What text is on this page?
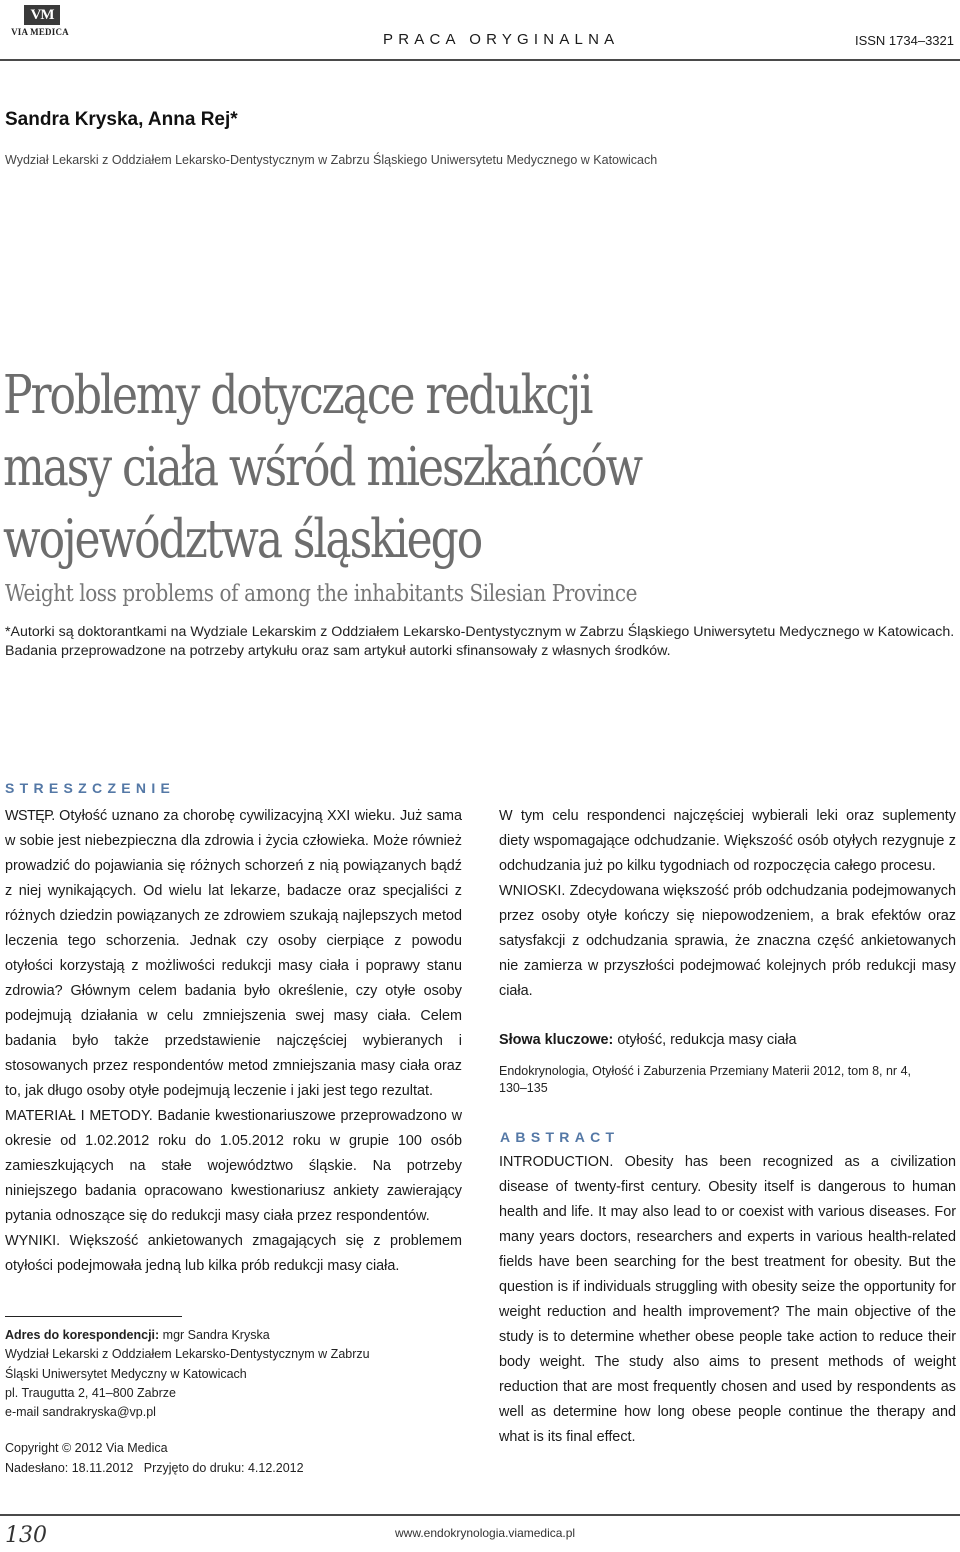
VM
VIA MEDICA	PRACA ORYGINALNA	ISSN 1734–3321
Sandra Kryska, Anna Rej*
Wydział Lekarski z Oddziałem Lekarsko-Dentystycznym w Zabrzu Śląskiego Uniwersytetu Medycznego w Katowicach
Problemy dotyczące redukcji
masy ciała wśród mieszkańców
województwa śląskiego
Weight loss problems of among the inhabitants Silesian Province
*Autorki są doktorantkami na Wydziale Lekarskim z Oddziałem Lekarsko-Dentystycznym w Zabrzu Śląskiego Uniwersytetu Medycznego w Katowicach. Badania przeprowadzone na potrzeby artykułu oraz sam artykuł autorki sfinansowały z własnych środków.
STRESZCZENIE

WSTĘP. Otyłość uznano za chorobę cywilizacyjną XXI wieku. Już sama w sobie jest niebezpieczna dla zdrowia i życia człowieka. Może również prowadzić do pojawiania się różnych schorzeń z nią powiązanych bądź z niej wynikających. Od wielu lat lekarze, badacze oraz specjaliści z różnych dziedzin powiązanych ze zdrowiem szukają najlepszych metod leczenia tego schorzenia. Jednak czy osoby cierpiące z powodu otyłości korzystają z możliwości redukcji masy ciała i poprawy stanu zdrowia? Głównym celem badania było określenie, czy otyłe osoby podejmują działania w celu zmniejszenia swej masy ciała. Celem badania było także przedstawienie najczęściej wybieranych i stosowanych przez respondentów metod zmniejszania masy ciała oraz to, jak długo osoby otyłe podejmują leczenie i jaki jest tego rezultat.

MATERIAŁ I METODY. Badanie kwestionariuszowe przeprowadzono w okresie od 1.02.2012 roku do 1.05.2012 roku w grupie 100 osób zamieszkujących na stałe województwo śląskie. Na potrzeby niniejszego badania opracowano kwestionariusz ankiety zawierający pytania odnoszące się do redukcji masy ciała przez respondentów.

WYNIKI. Większość ankietowanych zmagających się z problemem otyłości podejmowała jedną lub kilka prób redukcji masy ciała.

W tym celu respondenci najczęściej wybierali leki oraz suplementy diety wspomagające odchudzanie. Większość osób otyłych rezygnuje z odchudzania już po kilku tygodniach od rozpoczęcia całego procesu.

WNIOSKI. Zdecydowana większość prób odchudzania podejmowanych przez osoby otyłe kończy się niepowodzeniem, a brak efektów oraz satysfakcji z odchudzania sprawia, że znaczna część ankietowanych nie zamierza w przyszłości podejmować kolejnych prób redukcji masy ciała.

Słowa kluczowe: otyłość, redukcja masy ciała
Endokrynologia, Otyłość i Zaburzenia Przemiany Materii 2012, tom 8, nr 4, 130–135
ABSTRACT

INTRODUCTION. Obesity has been recognized as a civilization disease of twenty-first century. Obesity itself is dangerous to human health and life. It may also lead to or coexist with various diseases. For many years doctors, researchers and experts in various health-related fields have been searching for the best treatment for obesity. But the question is if individuals struggling with obesity seize the opportunity for weight reduction and health improvement? The main objective of the study is to determine whether obese people take action to reduce their body weight. The study also aims to present methods of weight reduction that are most frequently chosen and used by respondents as well as determine how long obese people continue the therapy and what is its final effect.

Adres do korespondencji: mgr Sandra Kryska
Wydział Lekarski z Oddziałem Lekarsko-Dentystycznym w Zabrzu
Śląski Uniwersytet Medyczny w Katowicach
pl. Traugutta 2, 41–800 Zabrze
e-mail sandrakryska@vp.pl
Copyright © 2012 Via Medica
Nadesłano: 18.11.2012   Przyjęto do druku: 4.12.2012
130	www.endokrynologia.viamedica.pl
